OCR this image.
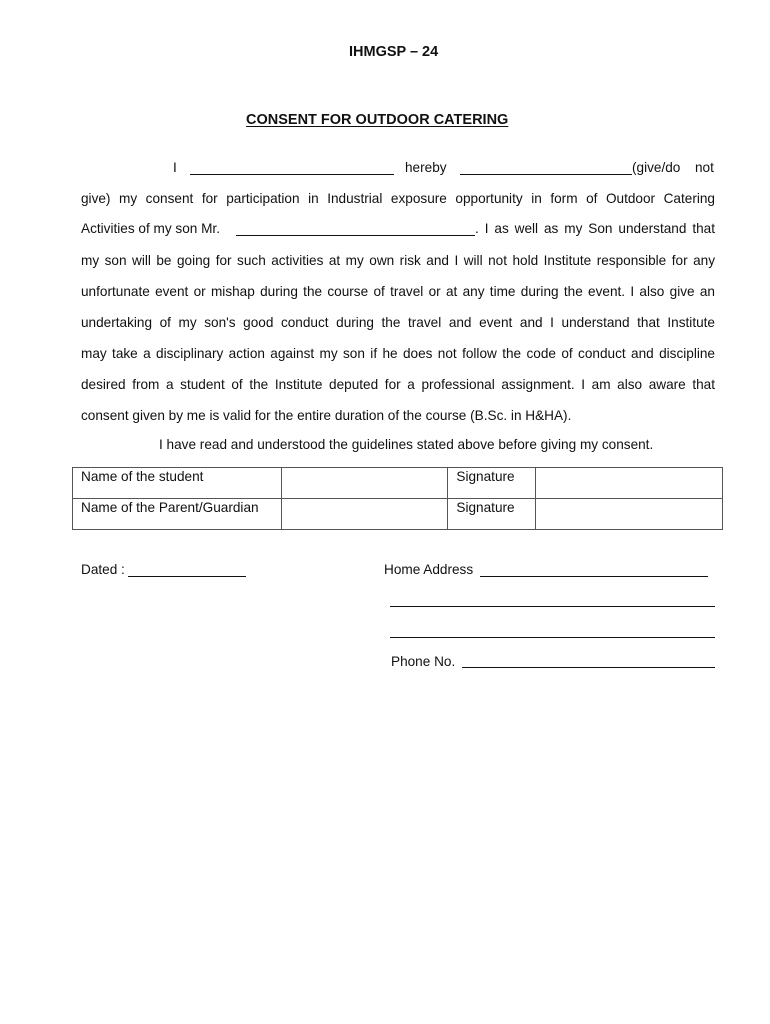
IHMGSP – 24
CONSENT FOR OUTDOOR CATERING
I	hereby	(give/do not
give) my consent for participation in Industrial exposure opportunity in form of Outdoor Catering
Activities of my son Mr.	. I as well as my Son understand that
my son will be going for such activities at my own risk and I will not hold Institute responsible for any
unfortunate event or mishap during the course of travel or at any time during the event. I also give an
undertaking of my son's good conduct during the travel and event and I understand that Institute
may take a disciplinary action against my son if he does not follow the code of conduct and discipline
desired from a student of the Institute deputed for a professional assignment. I am also aware that
consent given by me is valid for the entire duration of the course (B.Sc. in H&HA).
I have read and understood the guidelines stated above before giving my consent.
Name of the student		Signature	
Name of the Parent/Guardian		Signature	
Dated :	Home Address
Phone No.
